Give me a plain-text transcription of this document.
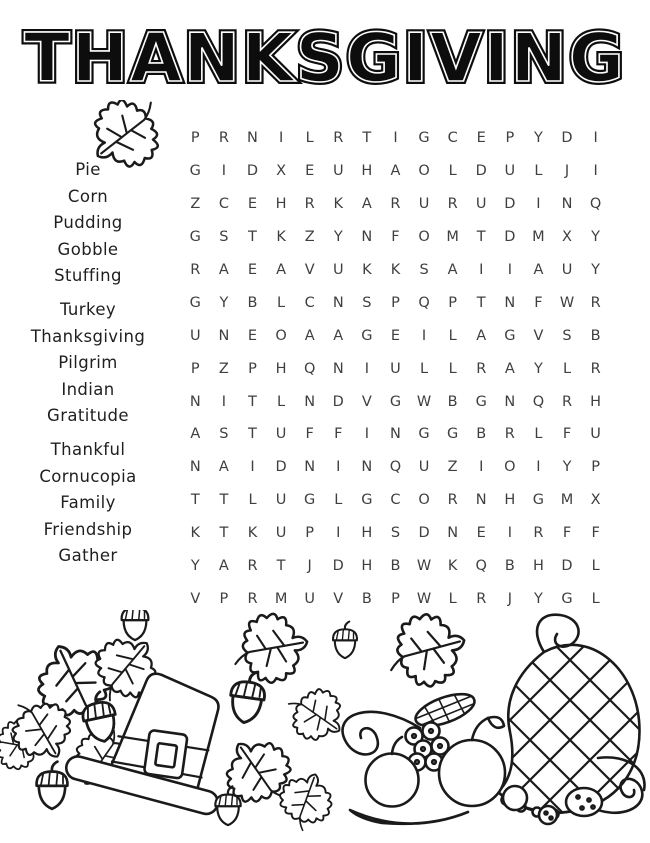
THANKSGIVING THANKSGIVING
Pie
Corn
Pudding
Gobble
Stuffing
Turkey
Thanksgiving
Pilgrim
Indian
Gratitude
Thankful
Cornucopia
Family
Friendship
Gather
P	R	N	I	L	R	T	I	G	C	E	P	Y	D	I
G	I	D	X	E	U	H	A	O	L	D	U	L	J	I
Z	C	E	H	R	K	A	R	U	R	U	D	I	N	Q
G	S	T	K	Z	Y	N	F	O	M	T	D	M	X	Y
R	A	E	A	V	U	K	K	S	A	I	I	A	U	Y
G	Y	B	L	C	N	S	P	Q	P	T	N	F	W	R
U	N	E	O	A	A	G	E	I	L	A	G	V	S	B
P	Z	P	H	Q	N	I	U	L	L	R	A	Y	L	R
N	I	T	L	N	D	V	G	W	B	G	N	Q	R	H
A	S	T	U	F	F	I	N	G	G	B	R	L	F	U
N	A	I	D	N	I	N	Q	U	Z	I	O	I	Y	P
T	T	L	U	G	L	G	C	O	R	N	H	G	M	X
K	T	K	U	P	I	H	S	D	N	E	I	R	F	F
Y	A	R	T	J	D	H	B	W	K	Q	B	H	D	L
V	P	R	M	U	V	B	P	W	L	R	J	Y	G	L
